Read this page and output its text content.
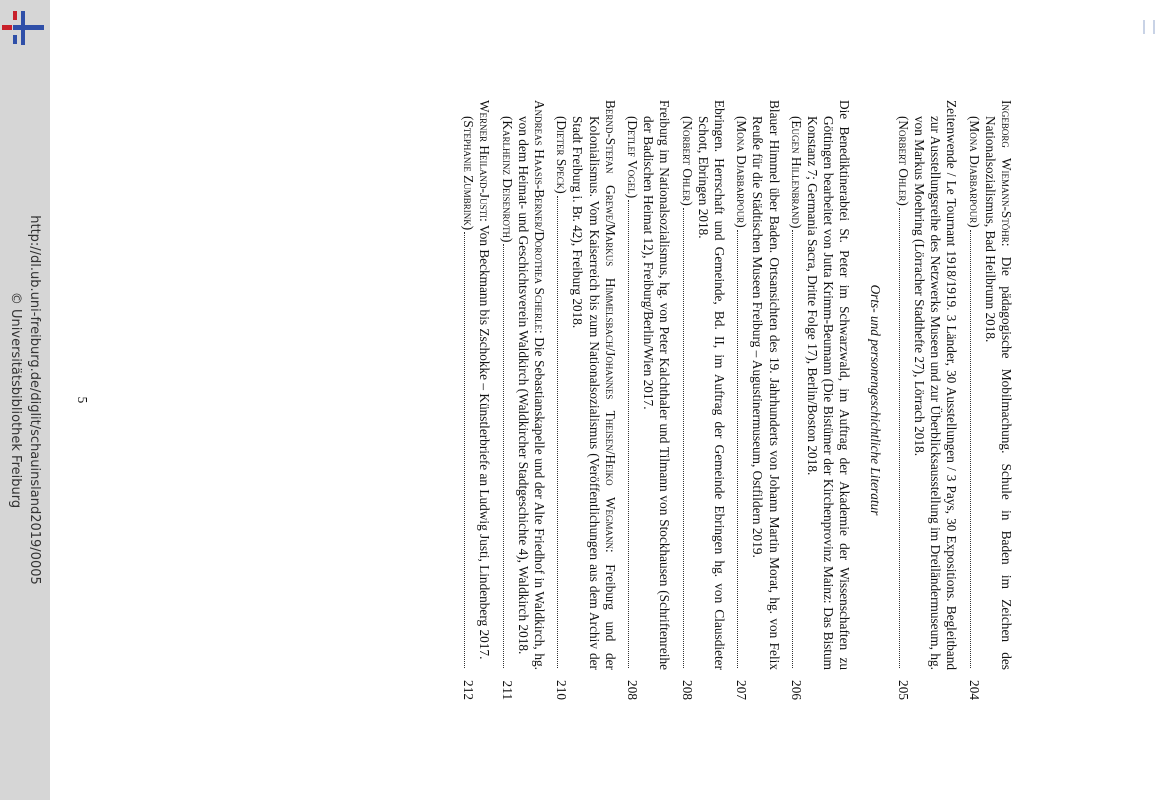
http://dl.ub.uni-freiburg.de/diglit/schauinsland2019/0005
© Universitätsbibliothek Freiburg
Ingeborg Wiemann-Stöhr: Die pädagogische Mobilmachung. Schule in Baden im Zeichen des Nationalsozialismus, Bad Heilbrunn 2018.
(Mona Djabbarpour)
204
Zeitenwende / Le Tournant 1918/1919. 3 Länder, 30 Ausstellungen / 3 Pays, 30 Expositions. Begleitband zur Ausstellungsreihe des Netzwerks Museen und zur Überblicksausstellung im Dreiländermuseum, hg. von Markus Moehring (Lörracher Stadthefte 27), Lörrach 2018.
(Norbert Ohler)
205
Orts- und personengeschichtliche Literatur
Die Benediktinerabtei St. Peter im Schwarzwald, im Auftrag der Akademie der Wissenschaften zu Göttingen bearbeitet von Jutta Krimm-Beumann (Die Bistümer der Kirchenprovinz Mainz: Das Bistum Konstanz 7; Germania Sacra, Dritte Folge 17), Berlin/Boston 2018.
(Eugen Hillenbrand)
206
Blauer Himmel über Baden. Ortsansichten des 19. Jahrhunderts von Johann Martin Morat, hg. von Felix Reuße für die Städtischen Museen Freiburg – Augustinermuseum, Ostfildern 2019.
(Mona Djabbarpour)
207
Ebringen. Herrschaft und Gemeinde, Bd. II, im Auftrag der Gemeinde Ebringen hg. von Clausdieter Schott, Ebringen 2018.
(Norbert Ohler)
208
Freiburg im Nationalsozialismus, hg. von Peter Kalchthaler und Tilmann von Stockhausen (Schriftenreihe der Badischen Heimat 12), Freiburg/Berlin/Wien 2017.
(Detlef Vogel)
208
Bernd-Stefan Grewe/Markus Himmelsbach/Johannes Theisen/Heiko Wegmann: Freiburg und der Kolonialismus. Vom Kaiserreich bis zum Nationalsozialismus (Veröffentlichungen aus dem Archiv der Stadt Freiburg i. Br. 42), Freiburg 2018.
(Dieter Speck)
210
Andreas Haasis-Berner/Dorothea Scherle: Die Sebastianskapelle und der Alte Friedhof in Waldkirch, hg. von dem Heimat- und Geschichtsverein Waldkirch (Waldkircher Stadtgeschichte 4), Waldkirch 2018.
(Karlheinz Deisenroth)
211
Werner Heiland-Justi: Von Beckmann bis Zschokke – Künstlerbriefe an Ludwig Justi, Lindenberg 2017.
(Stephanie Zumbrink)
212
5
